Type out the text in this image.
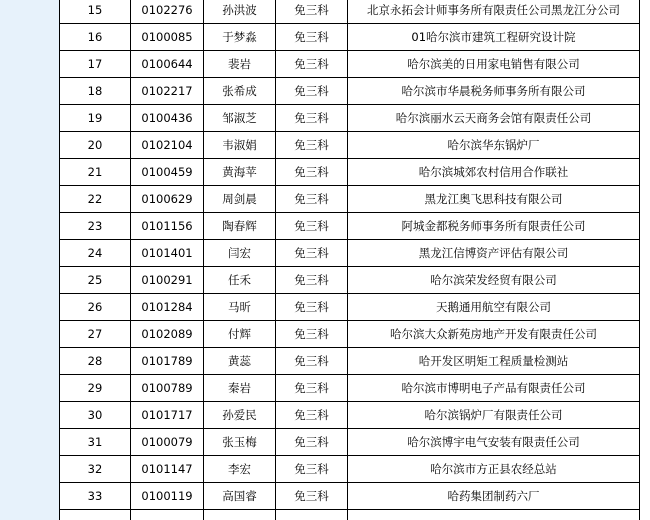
15	0102276	孙洪波	免三科	北京永拓会计师事务所有限责任公司黑龙江分公司
16	0100085	于梦淼	免三科	01哈尔滨市建筑工程研究设计院
17	0100644	裴岩	免三科	哈尔滨美的日用家电销售有限公司
18	0102217	张希成	免三科	哈尔滨市华晨税务师事务所有限公司
19	0100436	邹淑芝	免三科	哈尔滨丽水云天商务会馆有限责任公司
20	0102104	韦淑娟	免三科	哈尔滨华东锅炉厂
21	0100459	黄海苹	免三科	哈尔滨城郊农村信用合作联社
22	0100629	周剑晨	免三科	黑龙江奥飞思科技有限公司
23	0101156	陶春辉	免三科	阿城金都税务师事务所有限责任公司
24	0101401	闫宏	免三科	黑龙江信博资产评估有限公司
25	0100291	任禾	免三科	哈尔滨荣发经贸有限公司
26	0101284	马昕	免三科	天鹅通用航空有限公司
27	0102089	付辉	免三科	哈尔滨大众新苑房地产开发有限责任公司
28	0101789	黄蕊	免三科	哈开发区明矩工程质量检测站
29	0100789	秦岩	免三科	哈尔滨市博明电子产品有限责任公司
30	0101717	孙爱民	免三科	哈尔滨锅炉厂有限责任公司
31	0100079	张玉梅	免三科	哈尔滨博宇电气安装有限责任公司
32	0101147	李宏	免三科	哈尔滨市方正县农经总站
33	0100119	高国睿	免三科	哈药集团制药六厂
